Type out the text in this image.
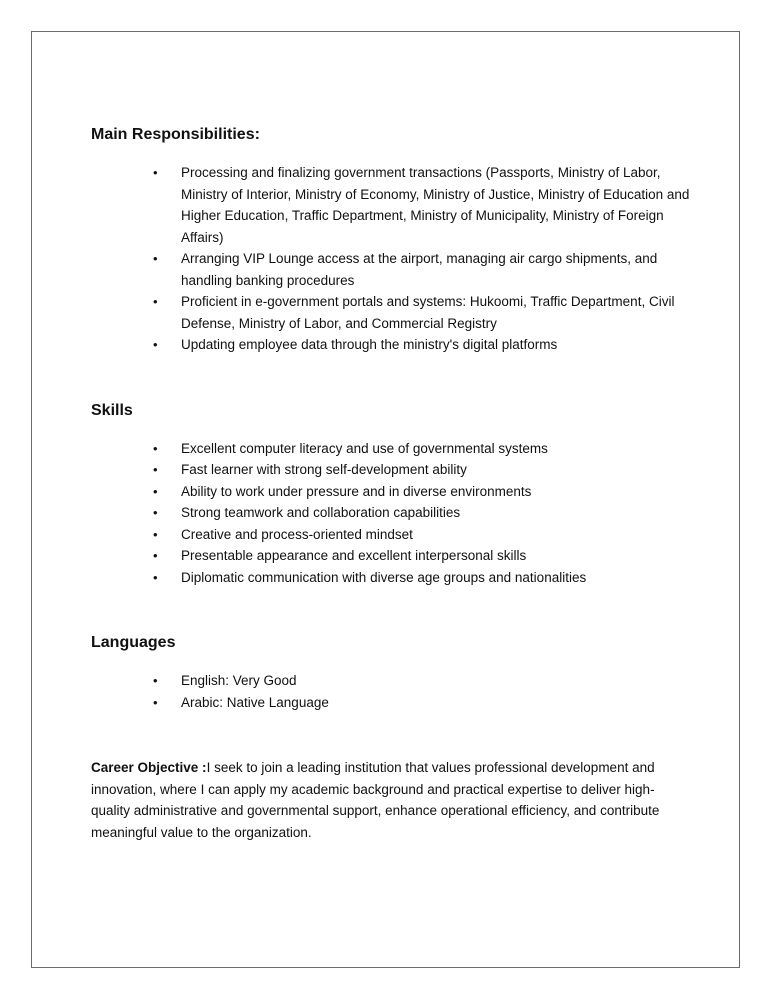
Main Responsibilities:
• Processing and finalizing government transactions (Passports, Ministry of Labor, Ministry of Interior, Ministry of Economy, Ministry of Justice, Ministry of Education and Higher Education, Traffic Department, Ministry of Municipality, Ministry of Foreign Affairs)
• Arranging VIP Lounge access at the airport, managing air cargo shipments, and handling banking procedures
• Proficient in e-government portals and systems: Hukoomi, Traffic Department, Civil Defense, Ministry of Labor, and Commercial Registry
• Updating employee data through the ministry's digital platforms
Skills
• Excellent computer literacy and use of governmental systems
• Fast learner with strong self-development ability
• Ability to work under pressure and in diverse environments
• Strong teamwork and collaboration capabilities
• Creative and process-oriented mindset
• Presentable appearance and excellent interpersonal skills
• Diplomatic communication with diverse age groups and nationalities
Languages
• English: Very Good
• Arabic: Native Language

Career Objective :I seek to join a leading institution that values professional development and innovation, where I can apply my academic background and practical expertise to deliver high-quality administrative and governmental support, enhance operational efficiency, and contribute meaningful value to the organization.
